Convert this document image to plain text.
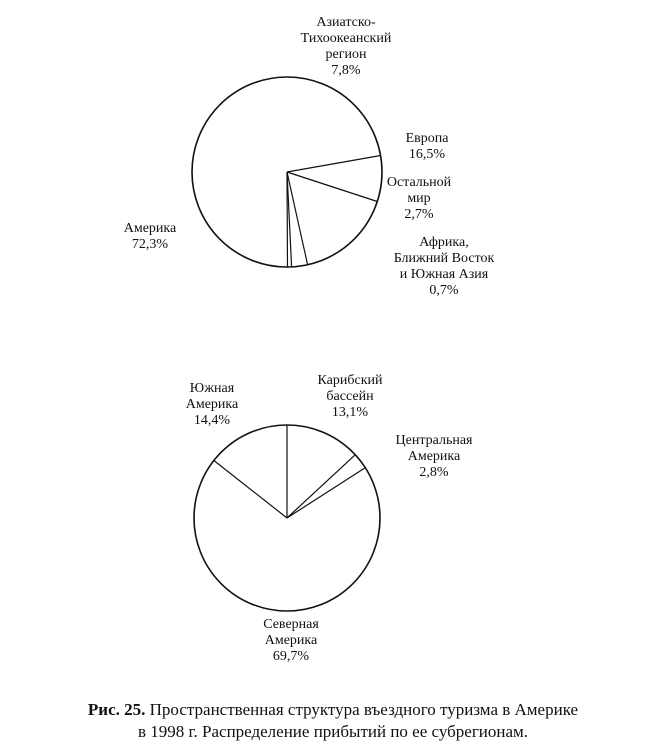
Азиатско-Тихоокеанский регион 7,8%
Европа 16,5%
Остальной мир 2,7%
Африка, Ближний Восток и Южная Азия 0,7%
Америка 72,3%
Карибский бассейн 13,1%
Центральная Америка 2,8%
Северная Америка 69,7%
Южная Америка 14,4%
Рис. 25. Пространственная структура въездного туризма в Америке
в 1998 г. Распределение прибытий по ее субрегионам.
